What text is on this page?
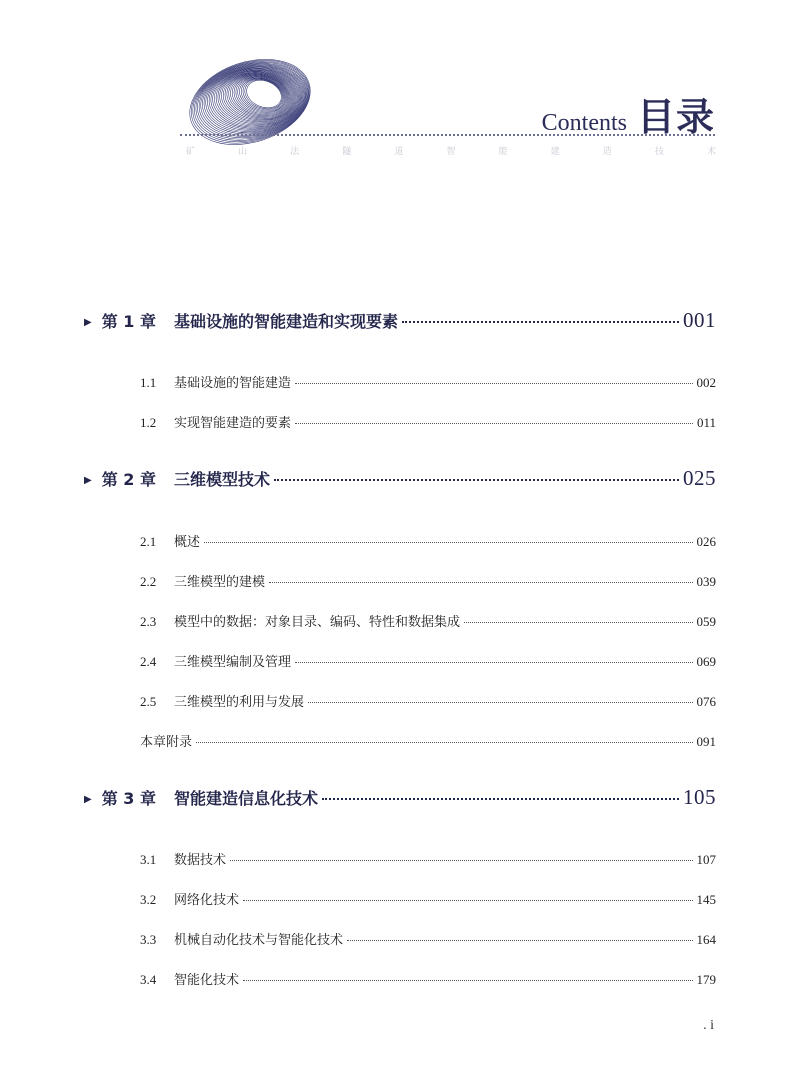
Contents 目录
矿	山	法	隧	道	智	能	建	造	技	术
▶ 第 1 章 基础设施的智能建造和实现要素	001
1.1	基础设施的智能建造	002
1.2	实现智能建造的要素	011
▶ 第 2 章 三维模型技术	025
2.1	概述	026
2.2	三维模型的建模	039
2.3	模型中的数据：对象目录、编码、特性和数据集成	059
2.4	三维模型编制及管理	069
2.5	三维模型的利用与发展	076
本章附录	091
▶ 第 3 章 智能建造信息化技术	105
3.1	数据技术	107
3.2	网络化技术	145
3.3	机械自动化技术与智能化技术	164
3.4	智能化技术	179
. i
